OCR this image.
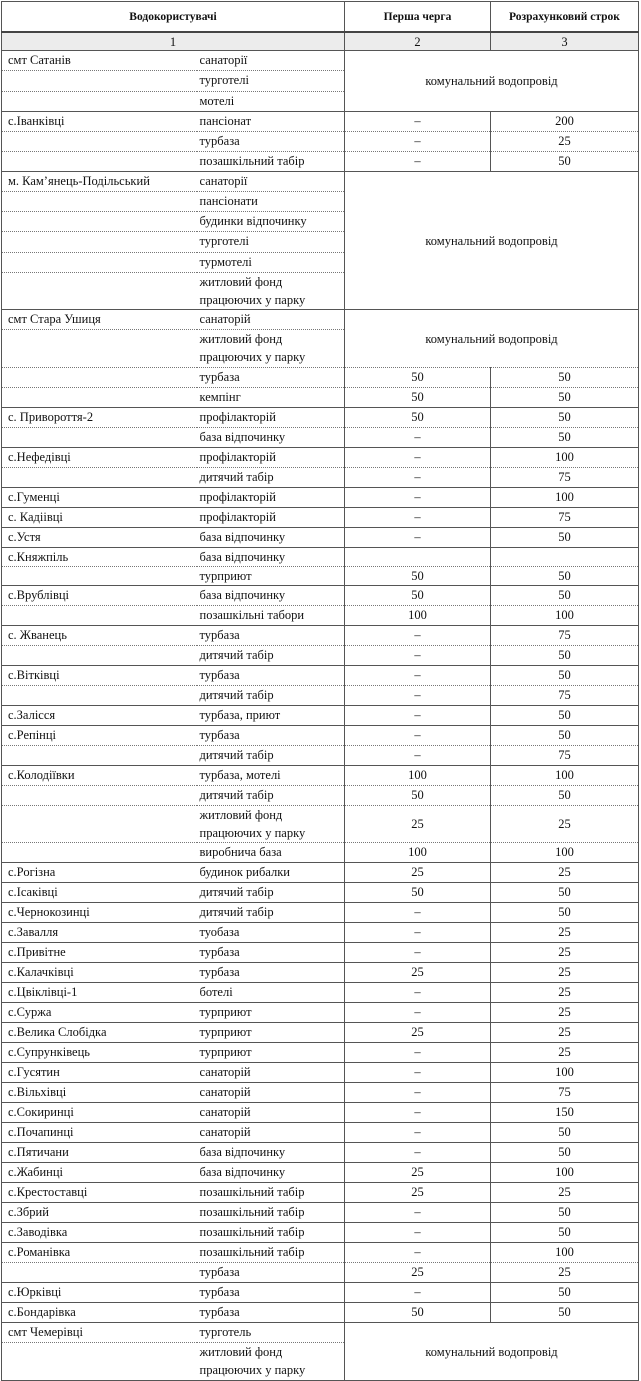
Водокористувачі		Перша черга	Розрахунковий строк
1		2	3
смт Сатанів	санаторії	комунальний водопровід	
	турготелі		
	мотелі		
с.Іванківці	пансіонат	–	200
	турбаза	–	25
	позашкільний табір	–	50
м. Кам’янець-Подільський	санаторії	комунальний водопровід	
	пансіонати		
	будинки відпочинку		
	турготелі		
	турмотелі		
	житловий фонд працюючих у парку		
смт Стара Ушиця	санаторій	комунальний водопровід	
	житловий фонд працюючих у парку		
	турбаза	50	50
	кемпінг	50	50
с. Привороття-2	профілакторій	50	50
	база відпочинку	–	50
с.Нефедівці	профілакторій	–	100
	дитячий табір	–	75
с.Гуменці	профілакторій	–	100
с. Кадіівці	профілакторій	–	75
с.Устя	база відпочинку	–	50
с.Княжпіль	база відпочинку		
	турприют	50	50
с.Врублівці	база відпочинку	50	50
	позашкільні табори	100	100
с. Жванець	турбаза	–	75
	дитячий табір	–	50
с.Вітківці	турбаза	–	50
	дитячий табір	–	75
с.Залісся	турбаза, приют	–	50
с.Репінці	турбаза	–	50
	дитячий табір	–	75
с.Колодіївки	турбаза, мотелі	100	100
	дитячий табір	50	50
	житловий фонд працюючих у парку	25	25
	виробнича база	100	100
с.Рогізна	будинок рибалки	25	25
с.Ісаківці	дитячий табір	50	50
с.Чернокозинці	дитячий табір	–	50
с.Завалля	туобаза	–	25
с.Привітне	турбаза	–	25
с.Калачківці	турбаза	25	25
с.Цвіклівці-1	ботелі	–	25
с.Суржа	турприют	–	25
с.Велика Слобідка	турприют	25	25
с.Супрунківець	турприют	–	25
с.Гусятин	санаторій	–	100
с.Вільхівці	санаторій	–	75
с.Сокиринці	санаторій	–	150
с.Почапинці	санаторій	–	50
с.Пятичани	база відпочинку	–	50
с.Жабинці	база відпочинку	25	100
с.Крестоставці	позашкільний табір	25	25
с.Збрий	позашкільний табір	–	50
с.Заводівка	позашкільний табір	–	50
с.Романівка	позашкільний табір	–	100
	турбаза	25	25
с.Юрківці	турбаза	–	50
с.Бондарівка	турбаза	50	50
смт Чемерівці	турготель	комунальний водопровід	
	житловий фонд працюючих у парку		
